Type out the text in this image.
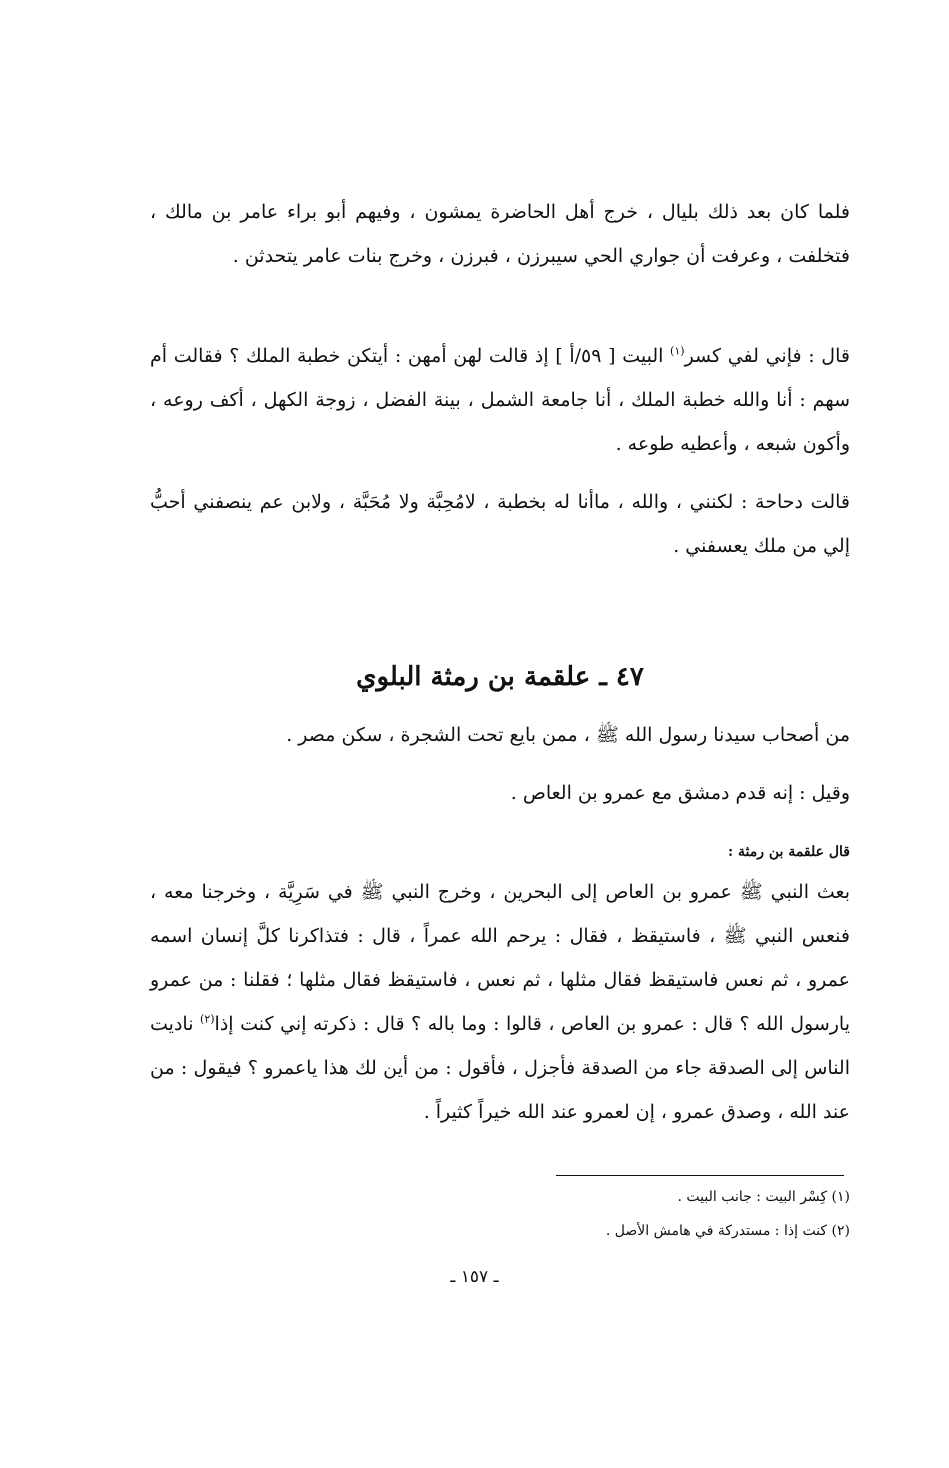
فلما كان بعد ذلك بليال ، خرج أهل الحاضرة يمشون ، وفيهم أبو براء عامر بن مالك ، فتخلفت ، وعرفت أن جواري الحي سيبرزن ، فبرزن ، وخرج بنات عامر يتحدثن .

قال : فإني لفي كسر$^{(١)}$ البيت [ ٥٩/أ ] إذ قالت لهن أمهن : أيتكن خطبة الملك ؟ فقالت أم سهم : أنا والله خطبة الملك ، أنا جامعة الشمل ، بينة الفضل ، زوجة الكهل ، أكف روعه ، وأكون شبعه ، وأعطيه طوعه .

قالت دحاحة : لكنني ، والله ، ماأنا له بخطبة ، لامُحِبَّة ولا مُحَبَّة ، ولابن عم ينصفني أحبُّ إلي من ملك يعسفني .

٤٧ ـ علقمة بن رمثة البلوي

من أصحاب سيدنا رسول الله ﷺ ، ممن بايع تحت الشجرة ، سكن مصر .

وقيل : إنه قدم دمشق مع عمرو بن العاص .

قال علقمة بن رمثة :

بعث النبي ﷺ عمرو بن العاص إلى البحرين ، وخرج النبي ﷺ في سَرِيَّة ، وخرجنا معه ، فنعس النبي ﷺ ، فاستيقظ ، فقال : يرحم الله عمراً ، قال : فتذاكرنا كلَّ إنسان اسمه عمرو ، ثم نعس فاستيقظ فقال مثلها ، ثم نعس ، فاستيقظ فقال مثلها ؛ فقلنا : من عمرو يارسول الله ؟ قال : عمرو بن العاص ، قالوا : وما باله ؟ قال : ذكرته إني كنت إذا$^{(٢)}$ ناديت الناس إلى الصدقة جاء من الصدقة فأجزل ، فأقول : من أين لك هذا ياعمرو ؟ فيقول : من عند الله ، وصدق عمرو ، إن لعمرو عند الله خيراً كثيراً .

(١) كِسْر البيت : جانب البيت .
(٢) كنت إذا : مستدركة في هامش الأصل .
ـ ١٥٧ ـ
